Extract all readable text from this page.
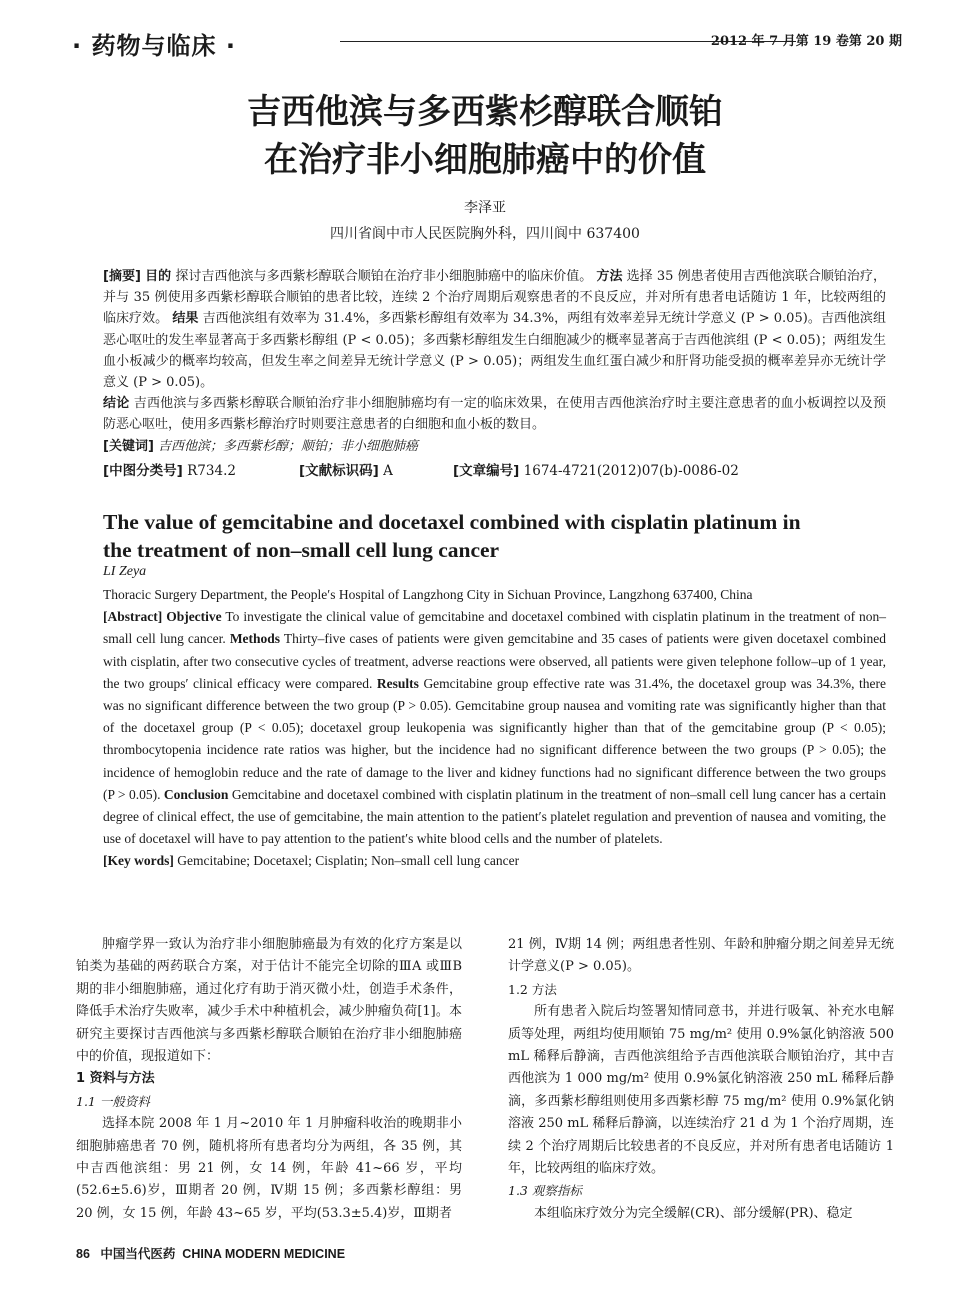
· 药物与临床 ·	2012 年 7 月第 19 卷第 20 期
吉西他滨与多西紫杉醇联合顺铂
在治疗非小细胞肺癌中的价值
李泽亚
四川省阆中市人民医院胸外科，四川阆中 637400

[摘要] 目的 探讨吉西他滨与多西紫杉醇联合顺铂在治疗非小细胞肺癌中的临床价值。 方法 选择 35 例患者使用吉西他滨联合顺铂治疗，并与 35 例使用多西紫杉醇联合顺铂的患者比较，连续 2 个治疗周期后观察患者的不良反应，并对所有患者电话随访 1 年，比较两组的临床疗效。 结果 吉西他滨组有效率为 31.4%，多西紫杉醇组有效率为 34.3%，两组有效率差异无统计学意义 (P > 0.05)。吉西他滨组恶心呕吐的发生率显著高于多西紫杉醇组 (P < 0.05)；多西紫杉醇组发生白细胞减少的概率显著高于吉西他滨组 (P < 0.05)；两组发生血小板减少的概率均较高，但发生率之间差异无统计学意义 (P > 0.05)；两组发生血红蛋白减少和肝肾功能受损的概率差异亦无统计学意义 (P > 0.05)。

结论 吉西他滨与多西紫杉醇联合顺铂治疗非小细胞肺癌均有一定的临床效果，在使用吉西他滨治疗时主要注意患者的血小板调控以及预防恶心呕吐，使用多西紫杉醇治疗时则要注意患者的白细胞和血小板的数目。

[关键词] 吉西他滨；多西紫杉醇；顺铂；非小细胞肺癌

[中图分类号] R734.2	[文献标识码] A	[文章编号] 1674-4721(2012)07(b)-0086-02
The value of gemcitabine and docetaxel combined with cisplatin platinum in
the treatment of non–small cell lung cancer
LI Zeya

Thoracic Surgery Department, the People′s Hospital of Langzhong City in Sichuan Province, Langzhong 637400, China

[Abstract] Objective To investigate the clinical value of gemcitabine and docetaxel combined with cisplatin platinum in the treatment of non–small cell lung cancer. Methods Thirty–five cases of patients were given gemcitabine and 35 cases of patients were given docetaxel combined with cisplatin, after two consecutive cycles of treatment, adverse reactions were observed, all patients were given telephone follow–up of 1 year, the two groups′ clinical efficacy were compared. Results Gemcitabine group effective rate was 31.4%, the docetaxel group was 34.3%, there was no significant difference between the two group (P > 0.05). Gemcitabine group nausea and vomiting rate was significantly higher than that of the docetaxel group (P < 0.05); docetaxel group leukopenia was significantly higher than that of the gemcitabine group (P < 0.05); thrombocytopenia incidence rate ratios was higher, but the incidence had no significant difference between the two groups (P > 0.05); the incidence of hemoglobin reduce and the rate of damage to the liver and kidney functions had no significant difference between the two groups (P > 0.05). Conclusion Gemcitabine and docetaxel combined with cisplatin platinum in the treatment of non–small cell lung cancer has a certain degree of clinical effect, the use of gemcitabine, the main attention to the patient′s platelet regulation and prevention of nausea and vomiting, the use of docetaxel will have to pay attention to the patient′s white blood cells and the number of platelets.

[Key words] Gemcitabine; Docetaxel; Cisplatin; Non–small cell lung cancer

肿瘤学界一致认为治疗非小细胞肺癌最为有效的化疗方案是以铂类为基础的两药联合方案，对于估计不能完全切除的ⅢA 或ⅢB 期的非小细胞肺癌，通过化疗有助于消灭微小灶，创造手术条件，降低手术治疗失败率，减少手术中种植机会，减少肿瘤负荷[1]。本研究主要探讨吉西他滨与多西紫杉醇联合顺铂在治疗非小细胞肺癌中的价值，现报道如下：

1 资料与方法

1.1 一般资料

选择本院 2008 年 1 月~2010 年 1 月肿瘤科收治的晚期非小细胞肺癌患者 70 例，随机将所有患者均分为两组，各 35 例，其中吉西他滨组：男 21 例，女 14 例，年龄 41~66 岁，平均(52.6±5.6)岁，Ⅲ期者 20 例，Ⅳ期 15 例；多西紫杉醇组：男 20 例，女 15 例，年龄 43~65 岁，平均(53.3±5.4)岁，Ⅲ期者

21 例，Ⅳ期 14 例；两组患者性别、年龄和肿瘤分期之间差异无统计学意义(P > 0.05)。

1.2 方法

所有患者入院后均签署知情同意书，并进行吸氧、补充水电解质等处理，两组均使用顺铂 75 mg/m² 使用 0.9%氯化钠溶液 500 mL 稀释后静滴，吉西他滨组给予吉西他滨联合顺铂治疗，其中吉西他滨为 1 000 mg/m² 使用 0.9%氯化钠溶液 250 mL 稀释后静滴，多西紫杉醇组则使用多西紫杉醇 75 mg/m² 使用 0.9%氯化钠溶液 250 mL 稀释后静滴，以连续治疗 21 d 为 1 个治疗周期，连续 2 个治疗周期后比较患者的不良反应，并对所有患者电话随访 1 年，比较两组的临床疗效。

1.3 观察指标

本组临床疗效分为完全缓解(CR)、部分缓解(PR)、稳定

86 中国当代医药 CHINA MODERN MEDICINE
